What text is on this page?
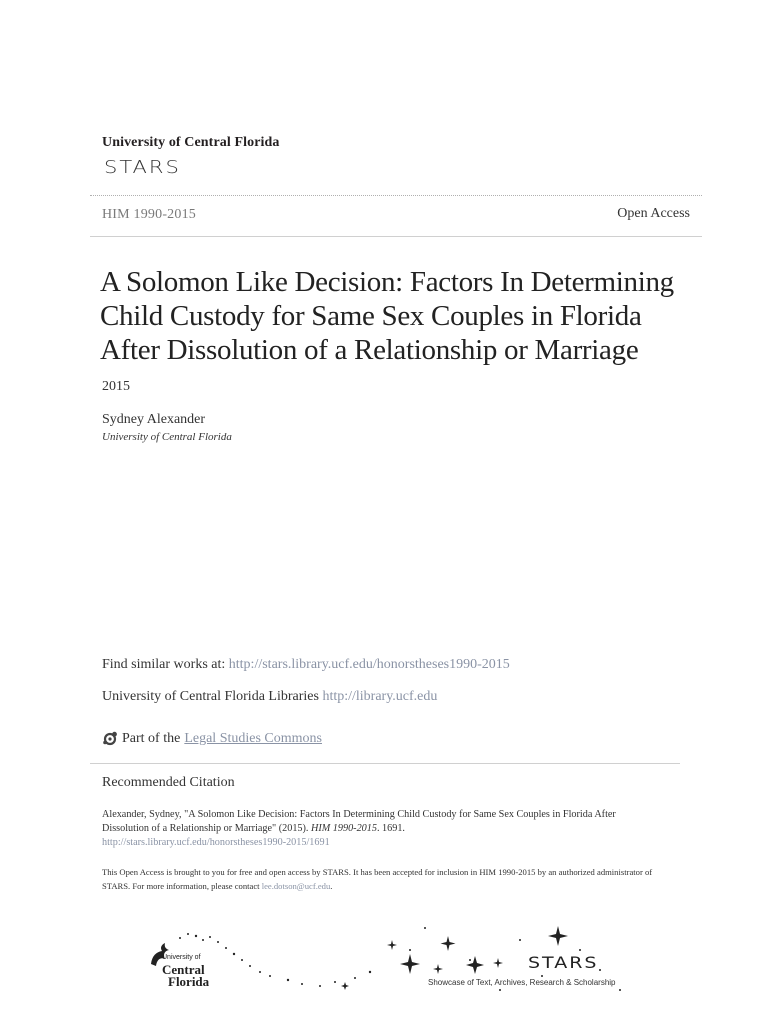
University of Central Florida
STARS
HIM 1990-2015	Open Access
A Solomon Like Decision: Factors In Determining Child Custody for Same Sex Couples in Florida After Dissolution of a Relationship or Marriage
2015
Sydney Alexander
University of Central Florida
Find similar works at: http://stars.library.ucf.edu/honorstheses1990-2015
University of Central Florida Libraries http://library.ucf.edu
Part of the Legal Studies Commons
Recommended Citation
Alexander, Sydney, "A Solomon Like Decision: Factors In Determining Child Custody for Same Sex Couples in Florida After Dissolution of a Relationship or Marriage" (2015). HIM 1990-2015. 1691.
http://stars.library.ucf.edu/honorstheses1990-2015/1691
This Open Access is brought to you for free and open access by STARS. It has been accepted for inclusion in HIM 1990-2015 by an authorized administrator of STARS. For more information, please contact lee.dotson@ucf.edu.
University of
Central
Florida
STARS
Showcase of Text, Archives, Research & Scholarship
